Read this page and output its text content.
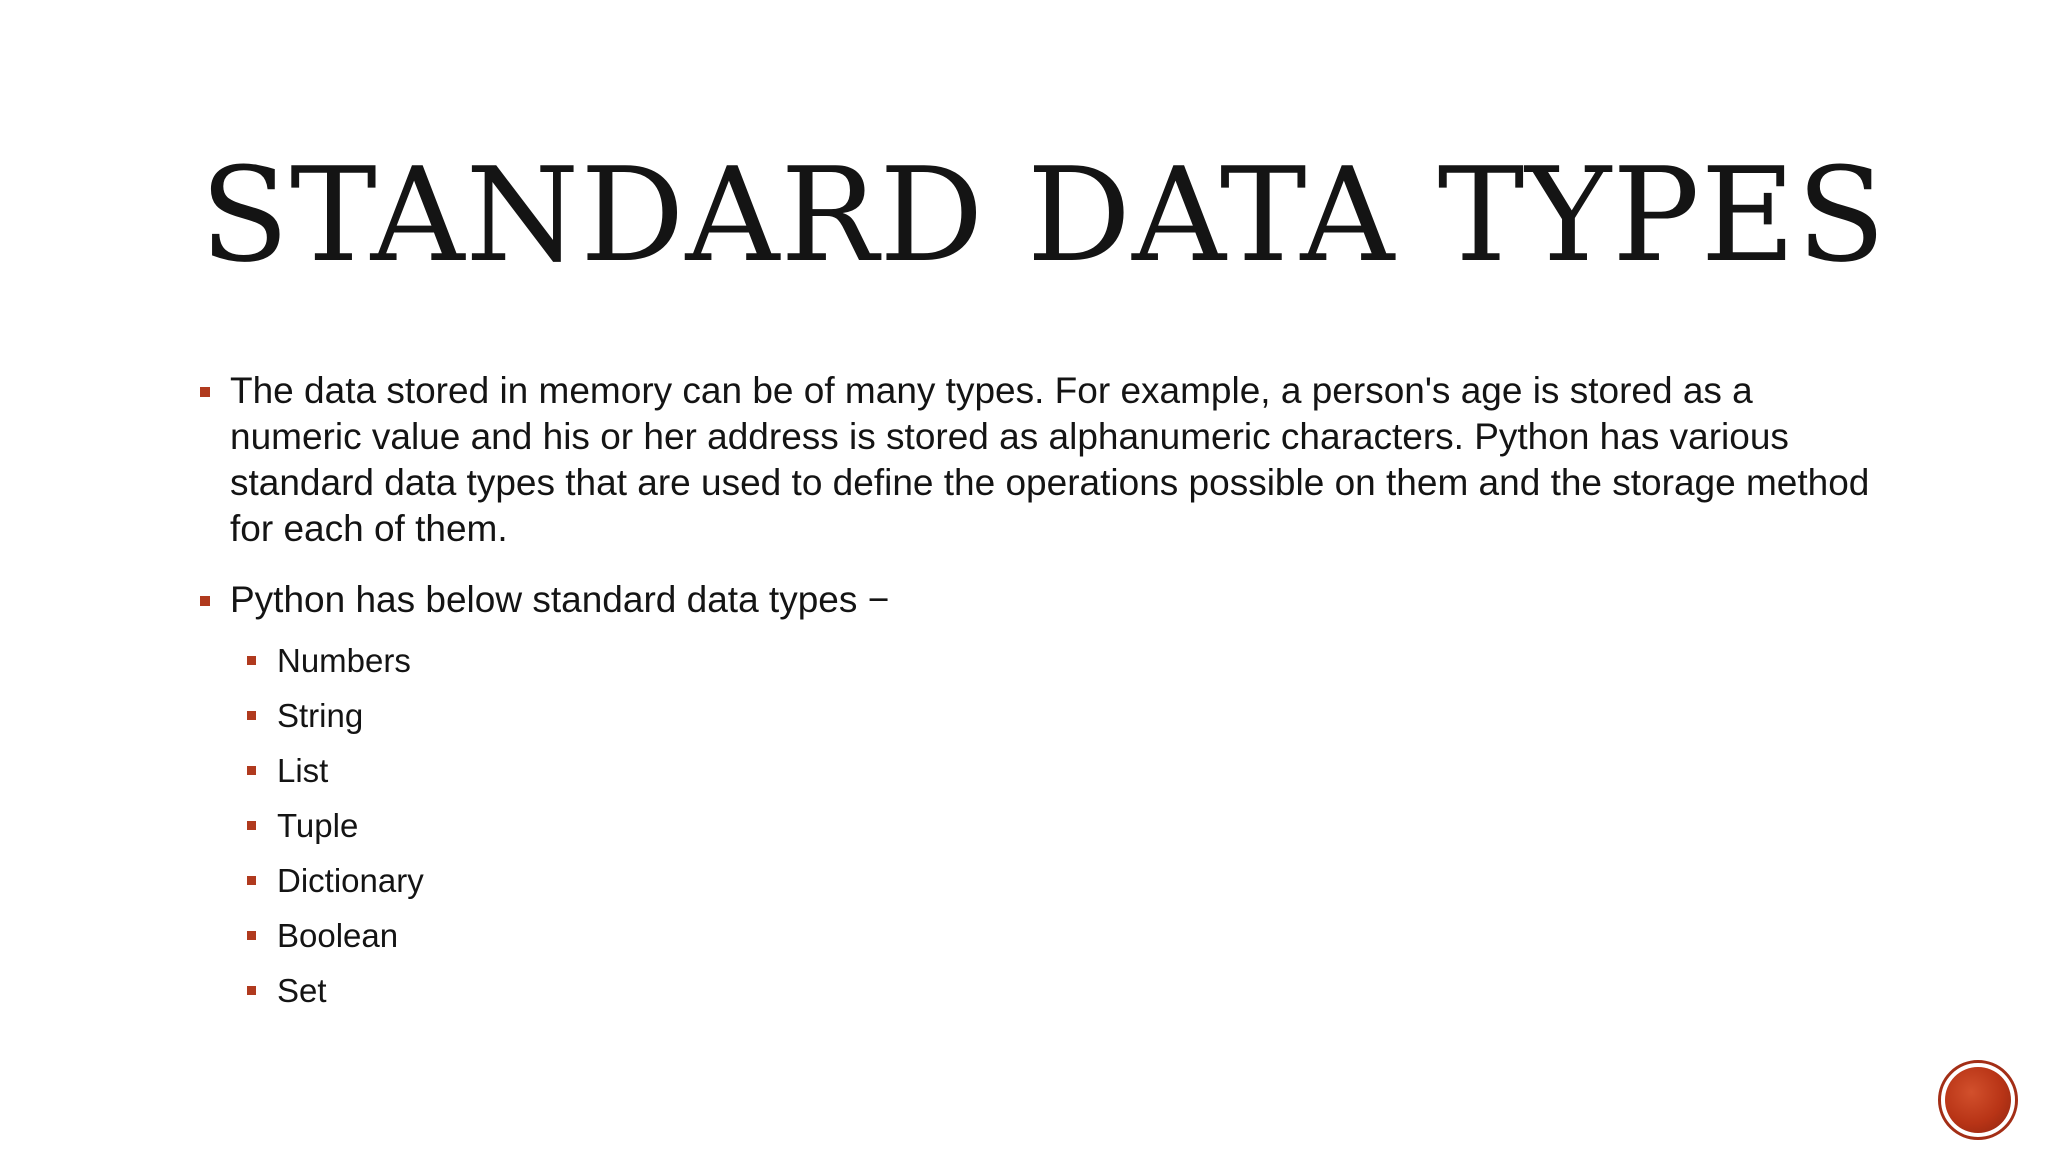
STANDARD DATA TYPES
The data stored in memory can be of many types. For example, a person's age is stored as a numeric value and his or her address is stored as alphanumeric characters. Python has various standard data types that are used to define the operations possible on them and the storage method for each of them.
Python has below standard data types −
Numbers
String
List
Tuple
Dictionary
Boolean
Set
